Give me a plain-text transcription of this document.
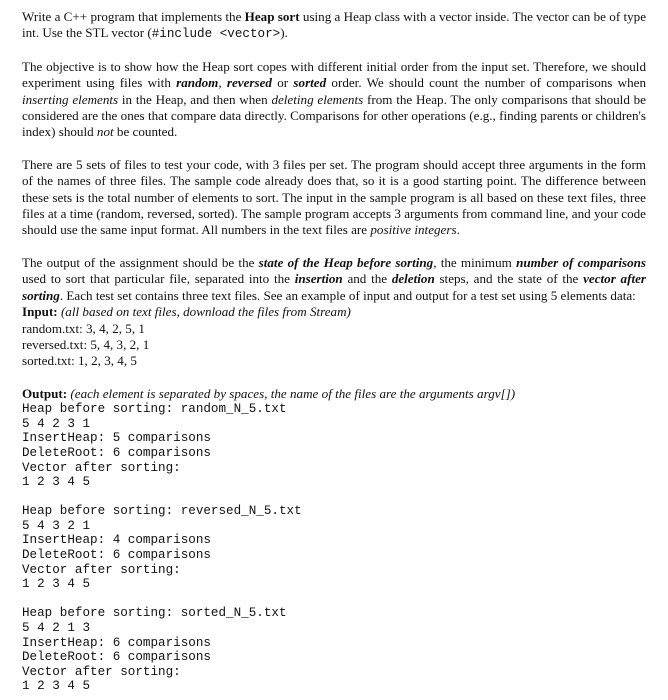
Write a C++ program that implements the Heap sort using a Heap class with a vector inside. The vector can be of type int. Use the STL vector (#include <vector>).

The objective is to show how the Heap sort copes with different initial order from the input set. Therefore, we should experiment using files with random, reversed or sorted order. We should count the number of comparisons when inserting elements in the Heap, and then when deleting elements from the Heap. The only comparisons that should be considered are the ones that compare data directly. Comparisons for other operations (e.g., finding parents or children's index) should not be counted.

There are 5 sets of files to test your code, with 3 files per set. The program should accept three arguments in the form of the names of three files. The sample code already does that, so it is a good starting point. The difference between these sets is the total number of elements to sort. The input in the sample program is all based on these text files, three files at a time (random, reversed, sorted). The sample program accepts 3 arguments from command line, and your code should use the same input format. All numbers in the text files are positive integers.

The output of the assignment should be the state of the Heap before sorting, the minimum number of comparisons used to sort that particular file, separated into the insertion and the deletion steps, and the state of the vector after sorting. Each test set contains three text files. See an example of input and output for a test set using 5 elements data:

Input: (all based on text files, download the files from Stream)
random.txt: 3, 4, 2, 5, 1
reversed.txt: 5, 4, 3, 2, 1
sorted.txt: 1, 2, 3, 4, 5
Output: (each element is separated by spaces, the name of the files are the arguments argv[])
Heap before sorting: random_N_5.txt
5 4 2 3 1
InsertHeap: 5 comparisons
DeleteRoot: 6 comparisons
Vector after sorting:
1 2 3 4 5
Heap before sorting: reversed_N_5.txt
5 4 3 2 1
InsertHeap: 4 comparisons
DeleteRoot: 6 comparisons
Vector after sorting:
1 2 3 4 5
Heap before sorting: sorted_N_5.txt
5 4 2 1 3
InsertHeap: 6 comparisons
DeleteRoot: 6 comparisons
Vector after sorting:
1 2 3 4 5
